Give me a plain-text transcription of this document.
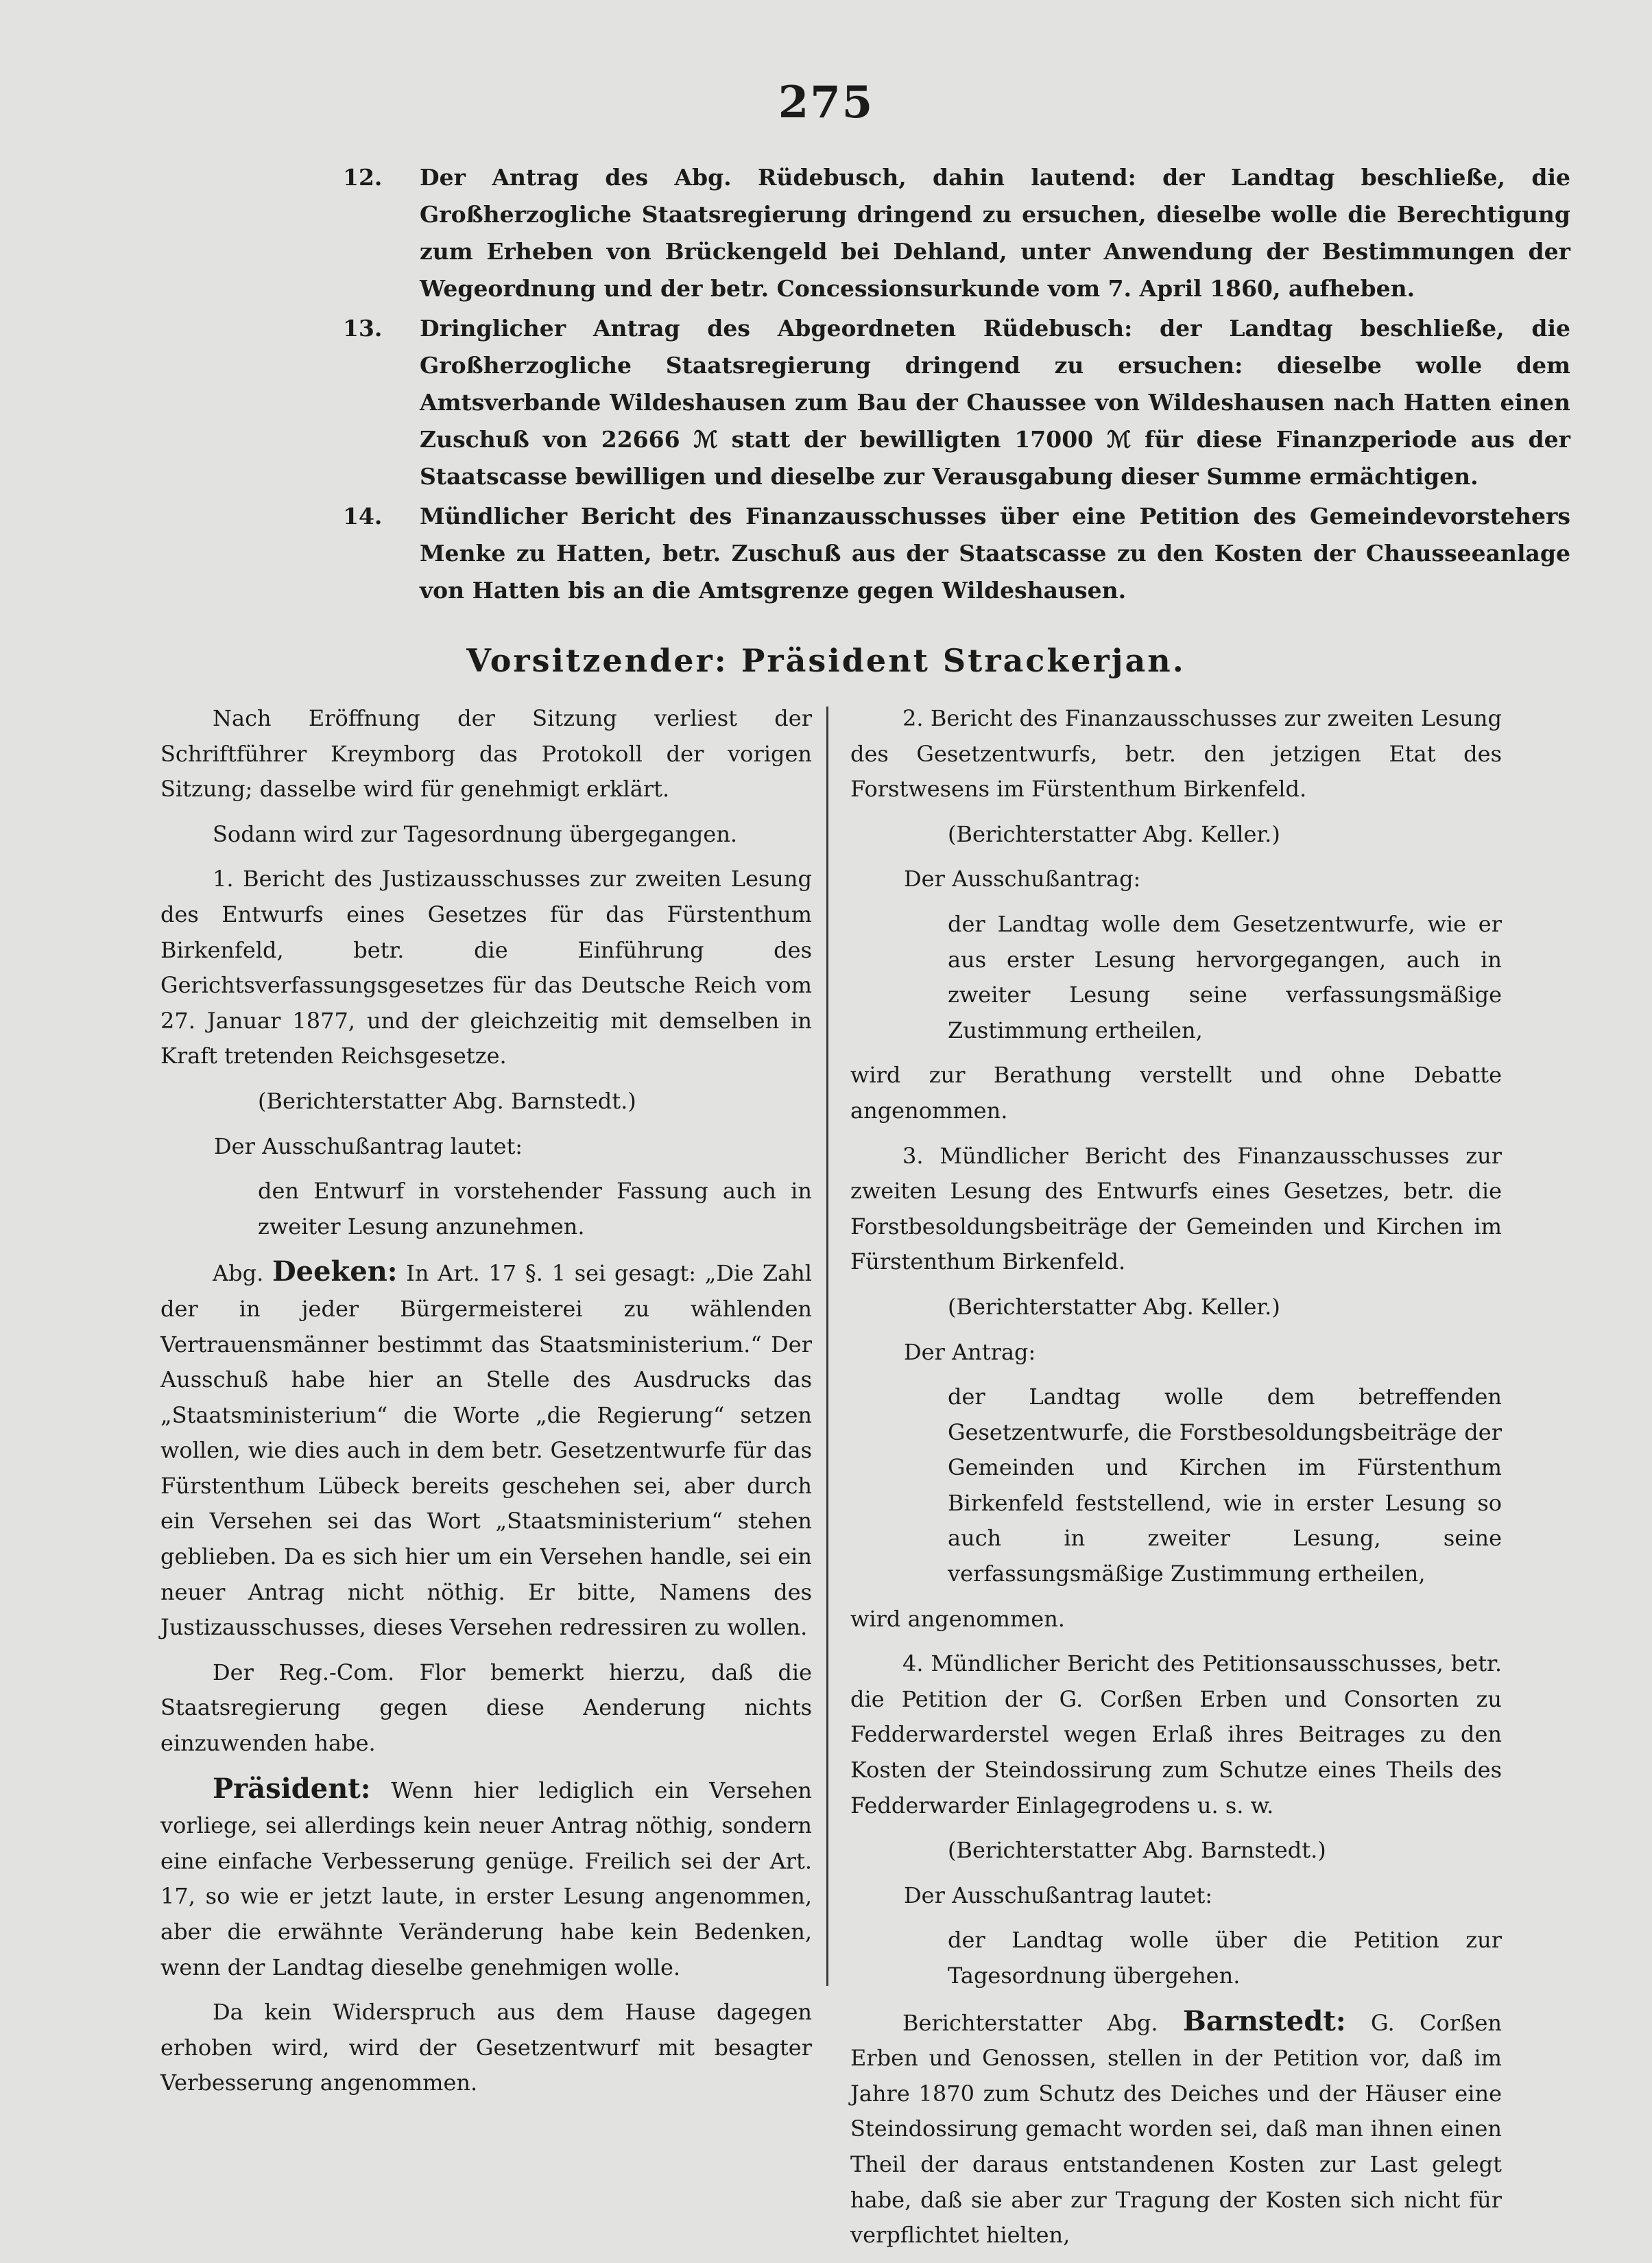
275
12.	Der Antrag des Abg. Rüdebusch, dahin lautend: der Landtag beschließe, die Großherzogliche Staatsregierung dringend zu ersuchen, dieselbe wolle die Berechtigung zum Erheben von Brückengeld bei Dehland, unter Anwendung der Bestimmungen der Wegeordnung und der betr. Concessionsurkunde vom 7. April 1860, aufheben.
13.	Dringlicher Antrag des Abgeordneten Rüdebusch: der Landtag beschließe, die Großherzogliche Staatsregierung dringend zu ersuchen: dieselbe wolle dem Amtsverbande Wildeshausen zum Bau der Chaussee von Wildeshausen nach Hatten einen Zuschuß von 22666 ℳ statt der bewilligten 17000 ℳ für diese Finanzperiode aus der Staatscasse bewilligen und dieselbe zur Verausgabung dieser Summe ermächtigen.
14.	Mündlicher Bericht des Finanzausschusses über eine Petition des Gemeindevorstehers Menke zu Hatten, betr. Zuschuß aus der Staatscasse zu den Kosten der Chausseeanlage von Hatten bis an die Amtsgrenze gegen Wildeshausen.
Vorsitzender: Präsident Strackerjan.

Nach Eröffnung der Sitzung verliest der Schriftführer Kreymborg das Protokoll der vorigen Sitzung; dasselbe wird für genehmigt erklärt.

Sodann wird zur Tagesordnung übergegangen.

1. Bericht des Justizausschusses zur zweiten Lesung des Entwurfs eines Gesetzes für das Fürstenthum Birkenfeld, betr. die Einführung des Gerichtsverfassungsgesetzes für das Deutsche Reich vom 27. Januar 1877, und der gleichzeitig mit demselben in Kraft tretenden Reichsgesetze.

(Berichterstatter Abg. Barnstedt.)

Der Ausschußantrag lautet:

den Entwurf in vorstehender Fassung auch in zweiter Lesung anzunehmen.

Abg. Deeken: In Art. 17 §. 1 sei gesagt: „Die Zahl der in jeder Bürgermeisterei zu wählenden Vertrauensmänner bestimmt das Staatsministerium.“ Der Ausschuß habe hier an Stelle des Ausdrucks das „Staatsministerium“ die Worte „die Regierung“ setzen wollen, wie dies auch in dem betr. Gesetzentwurfe für das Fürstenthum Lübeck bereits geschehen sei, aber durch ein Versehen sei das Wort „Staatsministerium“ stehen geblieben. Da es sich hier um ein Versehen handle, sei ein neuer Antrag nicht nöthig. Er bitte, Namens des Justizausschusses, dieses Versehen redressiren zu wollen.

Der Reg.-Com. Flor bemerkt hierzu, daß die Staatsregierung gegen diese Aenderung nichts einzuwenden habe.

Präsident: Wenn hier lediglich ein Versehen vorliege, sei allerdings kein neuer Antrag nöthig, sondern eine einfache Verbesserung genüge. Freilich sei der Art. 17, so wie er jetzt laute, in erster Lesung angenommen, aber die erwähnte Veränderung habe kein Bedenken, wenn der Landtag dieselbe genehmigen wolle.

Da kein Widerspruch aus dem Hause dagegen erhoben wird, wird der Gesetzentwurf mit besagter Verbesserung angenommen.

2. Bericht des Finanzausschusses zur zweiten Lesung des Gesetzentwurfs, betr. den jetzigen Etat des Forstwesens im Fürstenthum Birkenfeld.

(Berichterstatter Abg. Keller.)

Der Ausschußantrag:

der Landtag wolle dem Gesetzentwurfe, wie er aus erster Lesung hervorgegangen, auch in zweiter Lesung seine verfassungsmäßige Zustimmung ertheilen,

wird zur Berathung verstellt und ohne Debatte angenommen.

3. Mündlicher Bericht des Finanzausschusses zur zweiten Lesung des Entwurfs eines Gesetzes, betr. die Forstbesoldungsbeiträge der Gemeinden und Kirchen im Fürstenthum Birkenfeld.

(Berichterstatter Abg. Keller.)

Der Antrag:

der Landtag wolle dem betreffenden Gesetzentwurfe, die Forstbesoldungsbeiträge der Gemeinden und Kirchen im Fürstenthum Birkenfeld feststellend, wie in erster Lesung so auch in zweiter Lesung, seine verfassungsmäßige Zustimmung ertheilen,

wird angenommen.

4. Mündlicher Bericht des Petitionsausschusses, betr. die Petition der G. Corßen Erben und Consorten zu Fedderwarderstel wegen Erlaß ihres Beitrages zu den Kosten der Steindossirung zum Schutze eines Theils des Fedderwarder Einlagegrodens u. s. w.

(Berichterstatter Abg. Barnstedt.)

Der Ausschußantrag lautet:

der Landtag wolle über die Petition zur Tagesordnung übergehen.

Berichterstatter Abg. Barnstedt: G. Corßen Erben und Genossen, stellen in der Petition vor, daß im Jahre 1870 zum Schutz des Deiches und der Häuser eine Steindossirung gemacht worden sei, daß man ihnen einen Theil der daraus entstandenen Kosten zur Last gelegt habe, daß sie aber zur Tragung der Kosten sich nicht für verpflichtet hielten,
